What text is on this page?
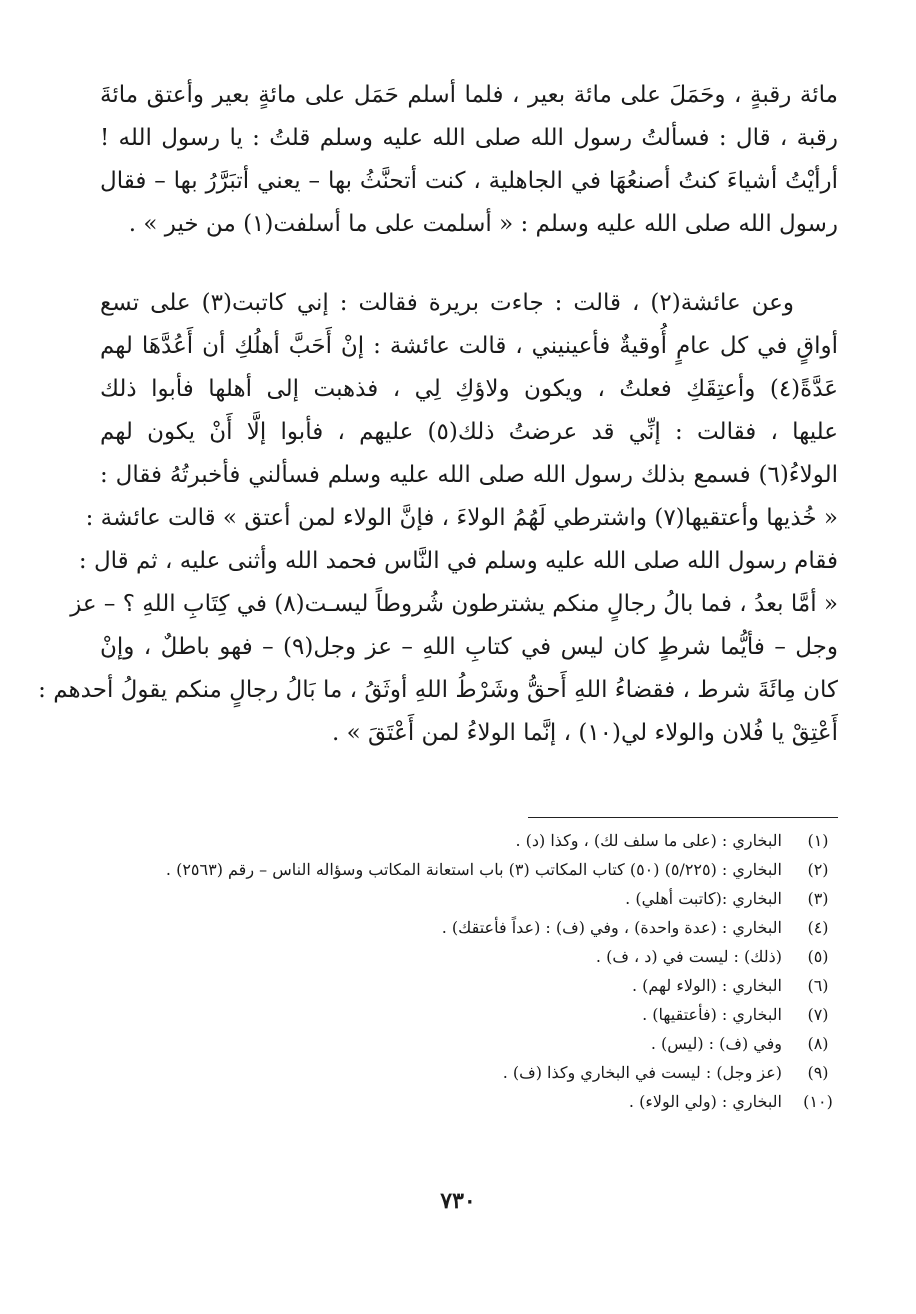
مائة رقبةٍ ، وحَمَلَ على مائة بعير ، فلما أسلم حَمَل على مائةٍ بعير وأعتق مائةَ
رقبة ، قال : فسألتُ رسول الله صلى الله عليه وسلم قلتُ : يا رسول الله !
أرأيْتُ أشياءَ كنتُ أصنعُهَا في الجاهلية ، كنت أتحنَّثُ بها – يعني أتبَرَّرُ بها – فقال
رسول الله صلى الله عليه وسلم : « أسلمت على ما أسلفت(١) من خير » .
وعن عائشة(٢) ، قالت : جاءت بريرة فقالت : إني كاتبت(٣) على تسع
أواقٍ في كل عامٍ أُوقيةٌ فأعينيني ، قالت عائشة : إنْ أَحَبَّ أهلُكِ أن أَعُدَّهَا لهم
عَدَّةً(٤) وأعتِقَكِ فعلتُ ، ويكون ولاؤكِ لِي ، فذهبت إلى أهلها فأبوا ذلك
عليها ، فقالت : إنِّي قد عرضتُ ذلك(٥) عليهم ، فأبوا إلَّا أَنْ يكون لهم
الولاءُ(٦) فسمع بذلك رسول الله صلى الله عليه وسلم فسألني فأخبرتُهُ فقال :
« خُذيها وأعتقيها(٧) واشترطي لَهُمُ الولاءَ ، فإنَّ الولاء لمن أعتق » قالت عائشة :
فقام رسول الله صلى الله عليه وسلم في النَّاس فحمد الله وأثنى عليه ، ثم قال :
« أمَّا بعدُ ، فما بالُ رجالٍ منكم يشترطون شُروطاً ليسـت(٨) في كِتَابِ اللهِ ؟ – عز
وجل – فأيُّما شرطٍ كان ليس في كتابِ اللهِ – عز وجل(٩) – فهو باطلٌ ، وإنْ
كان مِائَةَ شرط ، فقضاءُ اللهِ أَحقُّ وشَرْطُ اللهِ أوثَقُ ، ما بَالُ رجالٍ منكم يقولُ أحدهم :
أَعْتِقْ يا فُلان والولاء لي(١٠) ، إنَّما الولاءُ لمن أَعْتَقَ » .
(١)
البخاري : (على ما سلف لك) ، وكذا (د) .
(٢)
البخاري : (٥/٢٢٥) (٥٠) كتاب المكاتب (٣) باب استعانة المكاتب وسؤاله الناس – رقم (٢٥٦٣) .
(٣)
البخاري :(كاتبت أهلي) .
(٤)
البخاري : (عدة واحدة) ، وفي (ف) : (عداً فأعتقك) .
(٥)
(ذلك) : ليست في (د ، ف) .
(٦)
البخاري : (الولاء لهم) .
(٧)
البخاري : (فأعتقيها) .
(٨)
وفي (ف) : (ليس) .
(٩)
(عز وجل) : ليست في البخاري وكذا (ف) .
(١٠)
البخاري : (ولي الولاء) .
٧٣٠
